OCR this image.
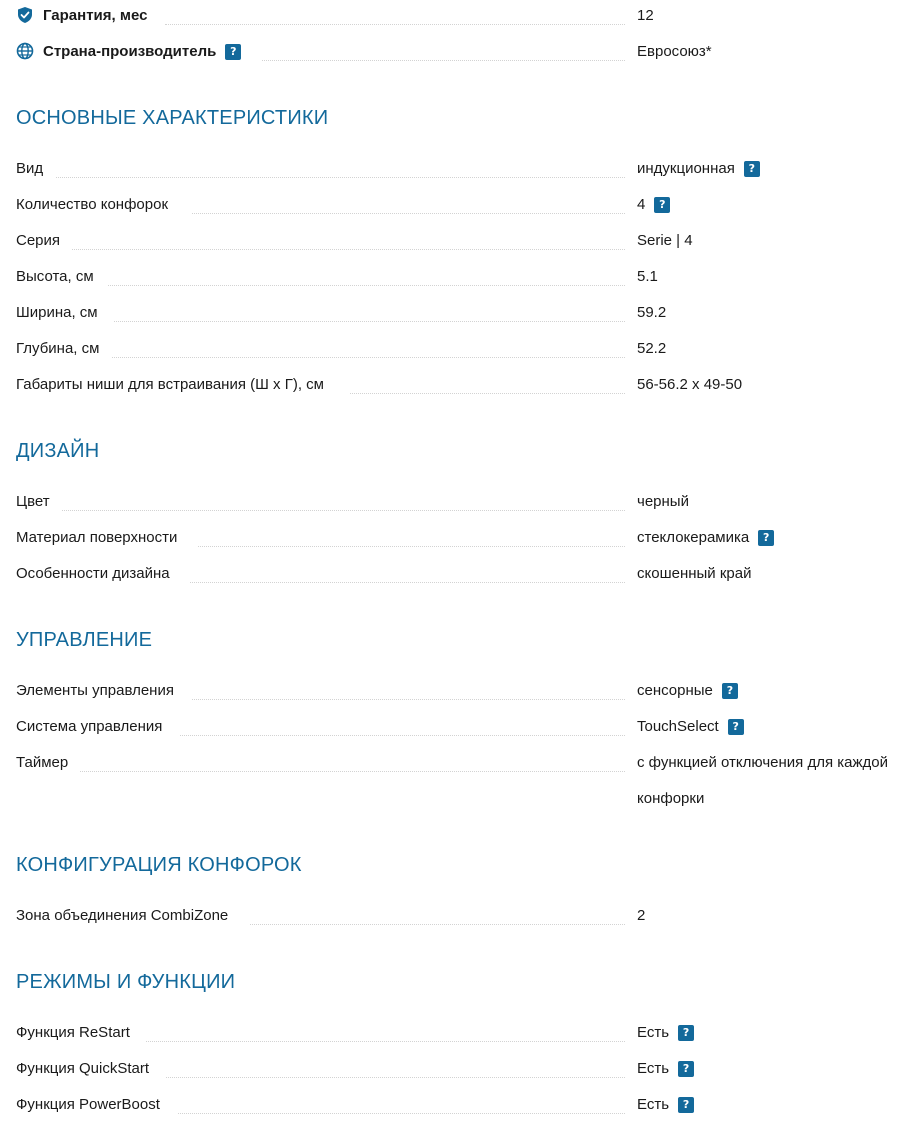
Гарантия, мес	12
Страна-производитель ?	Евросоюз*
ОСНОВНЫЕ ХАРАКТЕРИСТИКИ
Вид	индукционная ?
Количество конфорок	4 ?
Серия	Serie | 4
Высота, см	5.1
Ширина, см	59.2
Глубина, см	52.2
Габариты ниши для встраивания (Ш x Г), см	56-56.2 x 49-50
ДИЗАЙН
Цвет	черный
Материал поверхности	стеклокерамика ?
Особенности дизайна	скошенный край
УПРАВЛЕНИЕ
Элементы управления	сенсорные ?
Система управления	TouchSelect ?
Таймер	с функцией отключения для каждой конфорки
КОНФИГУРАЦИЯ КОНФОРОК
Зона объединения CombiZone	2
РЕЖИМЫ И ФУНКЦИИ
Функция ReStart	Есть ?
Функция QuickStart	Есть ?
Функция PowerBoost	Есть ?
